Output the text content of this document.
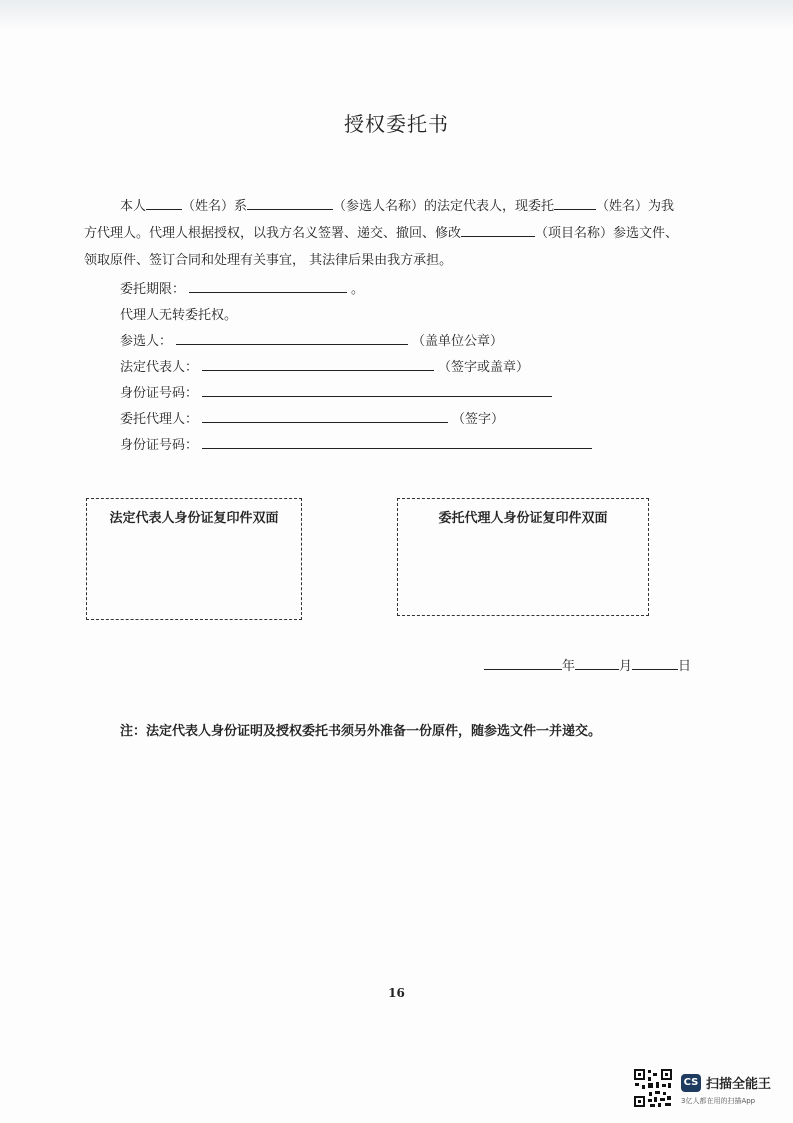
授权委托书
本人	（姓名）系	（参选人名称）的法定代表人，现委托	（姓名）为我
方代理人。代理人根据授权，以我方名义签署、递交、撤回、修改	（项目名称）参选文件、
领取原件、签订合同和处理有关事宜， 其法律后果由我方承担。
委托期限：	。
代理人无转委托权。
参选人：	（盖单位公章）
法定代表人：	（签字或盖章）
身份证号码：
委托代理人：	（签字）
身份证号码：
法定代表人身份证复印件双面	委托代理人身份证复印件双面
年	月	日
注：法定代表人身份证明及授权委托书须另外准备一份原件，随参选文件一并递交。
16
CS 扫描全能王
3亿人都在用的扫描App
